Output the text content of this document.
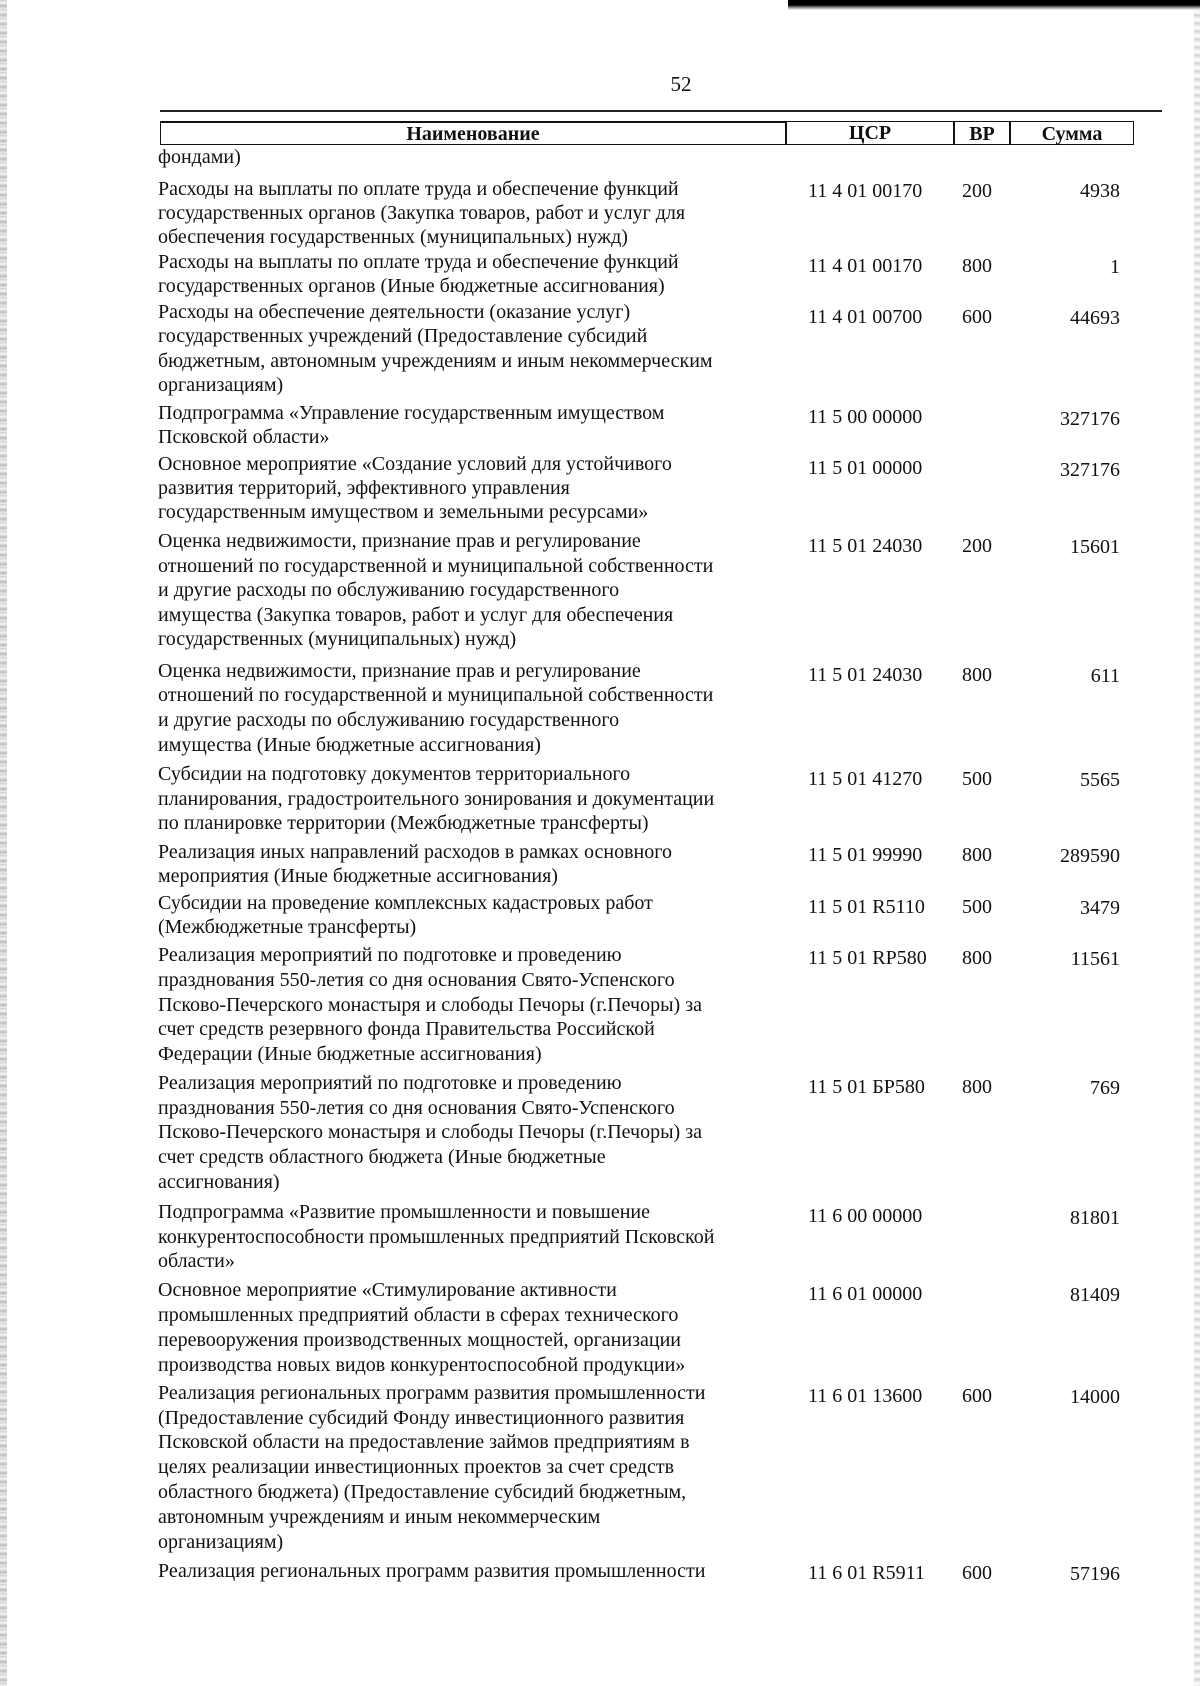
52
Наименование	ЦСР	ВР	Сумма
фондами)
Расходы на выплаты по оплате труда и обеспечение функций
государственных органов (Закупка товаров, работ и услуг для
обеспечения государственных (муниципальных) нужд)
11 4 01 00170 200	4938
Расходы на выплаты по оплате труда и обеспечение функций
государственных органов (Иные бюджетные ассигнования)
11 4 01 00170 800	1
Расходы на обеспечение деятельности (оказание услуг)
государственных учреждений (Предоставление субсидий
бюджетным, автономным учреждениям и иным некоммерческим
организациям)
11 4 01 00700 600	44693
Подпрограмма «Управление государственным имуществом
Псковской области»
11 5 00 00000	327176
Основное мероприятие «Создание условий для устойчивого
развития территорий, эффективного управления
государственным имуществом и земельными ресурсами»
11 5 01 00000	327176
Оценка недвижимости, признание прав и регулирование
отношений по государственной и муниципальной собственности
и другие расходы по обслуживанию государственного
имущества (Закупка товаров, работ и услуг для обеспечения
государственных (муниципальных) нужд)
11 5 01 24030 200	15601
Оценка недвижимости, признание прав и регулирование
отношений по государственной и муниципальной собственности
и другие расходы по обслуживанию государственного
имущества (Иные бюджетные ассигнования)
11 5 01 24030 800	611
Субсидии на подготовку документов территориального
планирования, градостроительного зонирования и документации
по планировке территории (Межбюджетные трансферты)
11 5 01 41270 500	5565
Реализация иных направлений расходов в рамках основного
мероприятия (Иные бюджетные ассигнования)
11 5 01 99990 800	289590
Субсидии на проведение комплексных кадастровых работ
(Межбюджетные трансферты)
11 5 01 R5110 500	3479
Реализация мероприятий по подготовке и проведению
празднования 550-летия со дня основания Свято-Успенского
Псково-Печерского монастыря и слободы Печоры (г.Печоры) за
счет средств резервного фонда Правительства Российской
Федерации (Иные бюджетные ассигнования)
11 5 01 RP580 800	11561
Реализация мероприятий по подготовке и проведению
празднования 550-летия со дня основания Свято-Успенского
Псково-Печерского монастыря и слободы Печоры (г.Печоры) за
счет средств областного бюджета (Иные бюджетные
ассигнования)
11 5 01 БР580 800	769
Подпрограмма «Развитие промышленности и повышение
конкурентоспособности промышленных предприятий Псковской
области»
11 6 00 00000	81801
Основное мероприятие «Стимулирование активности
промышленных предприятий области в сферах технического
перевооружения производственных мощностей, организации
производства новых видов конкурентоспособной продукции»
11 6 01 00000	81409
Реализация региональных программ развития промышленности
(Предоставление субсидий Фонду инвестиционного развития
Псковской области на предоставление займов предприятиям в
целях реализации инвестиционных проектов за счет средств
областного бюджета) (Предоставление субсидий бюджетным,
автономным учреждениям и иным некоммерческим
организациям)
11 6 01 13600 600	14000
Реализация региональных программ развития промышленности	11 6 01 R5911 600	57196
